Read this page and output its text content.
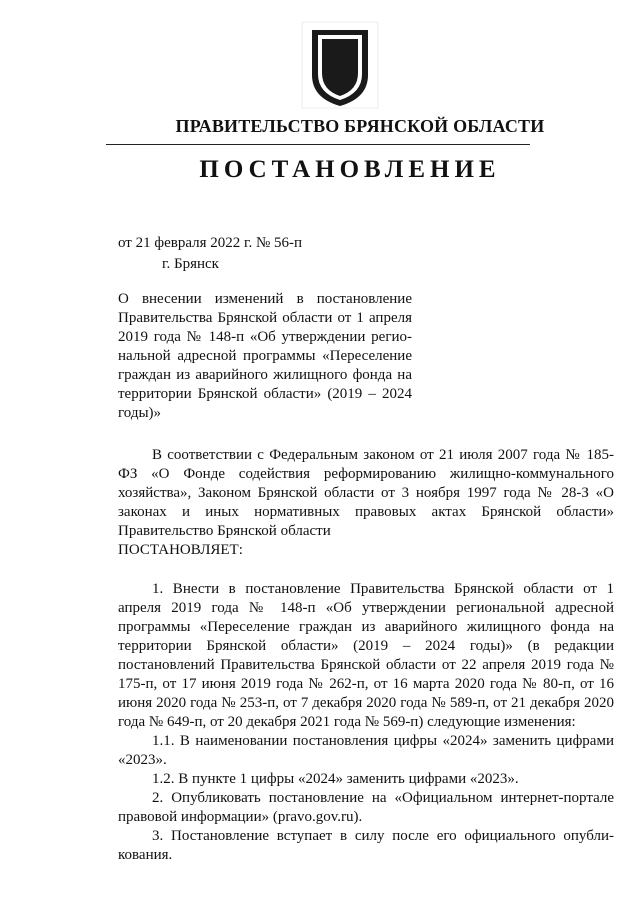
ПРАВИТЕЛЬСТВО БРЯНСКОЙ ОБЛАСТИ
ПОСТАНОВЛЕНИЕ
от 21 февраля 2022 г. № 56-п
г. Брянск
О внесении изменений в постановление Правительства Брянской области от 1 апреля 2019 года № 148-п «Об утверждении регио-нальной адресной программы «Переселение граждан из аварийного жилищного фонда на территории Брянской области» (2019 – 2024 годы)»

В соответствии с Федеральным законом от 21 июля 2007 года № 185-ФЗ «О Фонде содействия реформированию жилищно-коммунального хозяйства», Законом Брянской области от 3 ноября 1997 года № 28-З «О законах и иных нормативных правовых актах Брянской области» Правительство Брянской области

ПОСТАНОВЛЯЕТ:

1. Внести в постановление Правительства Брянской области от 1 апреля 2019 года № 148-п «Об утверждении региональной адресной программы «Переселение граждан из аварийного жилищного фонда на территории Брянской области» (2019 – 2024 годы)» (в редакции постановлений Правительства Брянской области от 22 апреля 2019 года № 175-п, от 17 июня 2019 года № 262-п, от 16 марта 2020 года № 80-п, от 16 июня 2020 года № 253-п, от 7 декабря 2020 года № 589-п, от 21 декабря 2020 года № 649-п, от 20 декабря 2021 года № 569-п) следующие изменения:

1.1. В наименовании постановления цифры «2024» заменить цифрами «2023».

1.2. В пункте 1 цифры «2024» заменить цифрами «2023».

2. Опубликовать постановление на «Официальном интернет-портале правовой информации» (pravo.gov.ru).

3. Постановление вступает в силу после его официального опубли-кования.
